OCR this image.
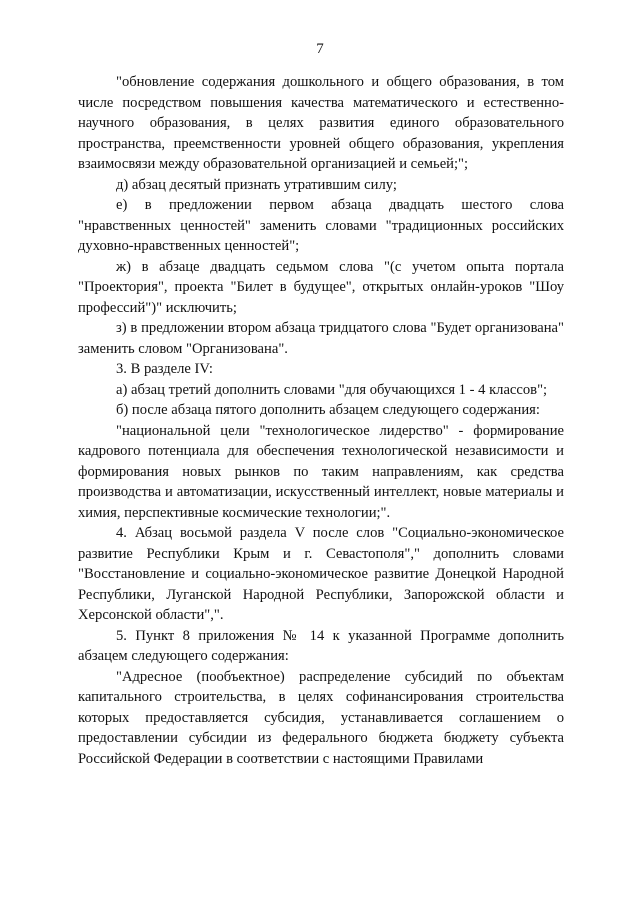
7

"обновление содержания дошкольного и общего образования, в том числе посредством повышения качества математического и естественно-научного образования, в целях развития единого образовательного пространства, преемственности уровней общего образования, укрепления взаимосвязи между образовательной организацией и семьей;";

д) абзац десятый признать утратившим силу;

е) в предложении первом абзаца двадцать шестого слова "нравственных ценностей" заменить словами "традиционных российских духовно-нравственных ценностей";

ж) в абзаце двадцать седьмом слова "(с учетом опыта портала "Проектория", проекта "Билет в будущее", открытых онлайн-уроков "Шоу профессий")" исключить;

з) в предложении втором абзаца тридцатого слова "Будет организована" заменить словом "Организована".

3. В разделе IV:

а) абзац третий дополнить словами "для обучающихся 1 - 4 классов";

б) после абзаца пятого дополнить абзацем следующего содержания:

"национальной цели "технологическое лидерство" - формирование кадрового потенциала для обеспечения технологической независимости и формирования новых рынков по таким направлениям, как средства производства и автоматизации, искусственный интеллект, новые материалы и химия, перспективные космические технологии;".

4. Абзац восьмой раздела V после слов "Социально-экономическое развитие Республики Крым и г. Севастополя"," дополнить словами "Восстановление и социально-экономическое развитие Донецкой Народной Республики, Луганской Народной Республики, Запорожской области и Херсонской области",".

5. Пункт 8 приложения № 14 к указанной Программе дополнить абзацем следующего содержания:

"Адресное (пообъектное) распределение субсидий по объектам капитального строительства, в целях софинансирования строительства которых предоставляется субсидия, устанавливается соглашением о предоставлении субсидии из федерального бюджета бюджету субъекта Российской Федерации в соответствии с настоящими Правилами
